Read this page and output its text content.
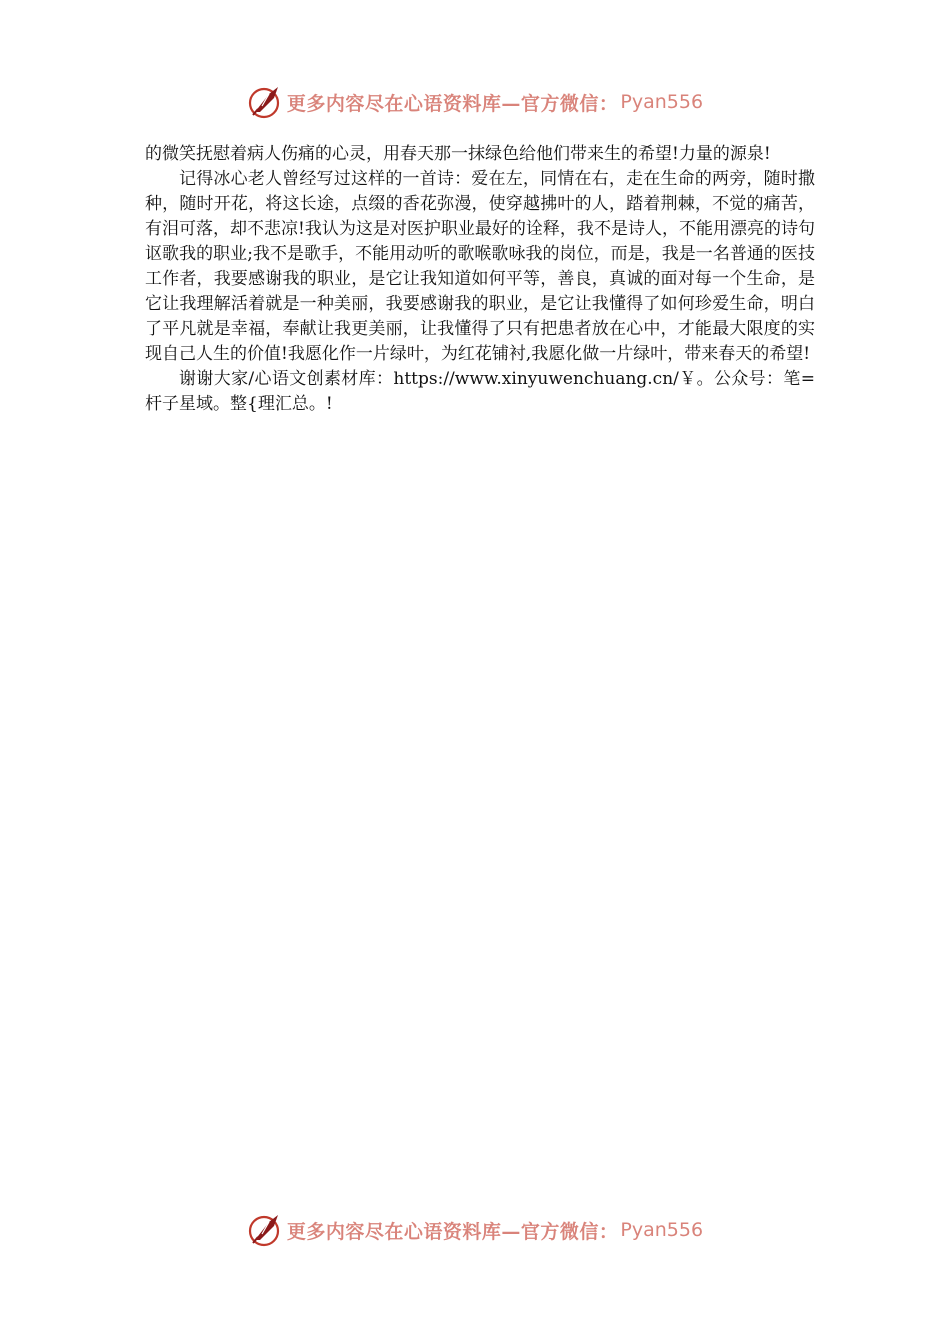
更多内容尽在心语资料库—官方微信： Pyan556

的微笑抚慰着病人伤痛的心灵，用春天那一抹绿色给他们带来生的希望!力量的源泉!

记得冰心老人曾经写过这样的一首诗：爱在左，同情在右，走在生命的两旁，随时撒种，随时开花，将这长途，点缀的香花弥漫，使穿越拂叶的人，踏着荆棘，不觉的痛苦，有泪可落，却不悲凉!我认为这是对医护职业最好的诠释，我不是诗人，不能用漂亮的诗句讴歌我的职业;我不是歌手，不能用动听的歌喉歌咏我的岗位，而是，我是一名普通的医技工作者，我要感谢我的职业，是它让我知道如何平等，善良，真诚的面对每一个生命，是它让我理解活着就是一种美丽，我要感谢我的职业，是它让我懂得了如何珍爱生命，明白了平凡就是幸福，奉献让我更美丽，让我懂得了只有把患者放在心中，才能最大限度的实现自己人生的价值!我愿化作一片绿叶，为红花铺衬,我愿化做一片绿叶，带来春天的希望!

谢谢大家/心语文创素材库：https://www.xinyuwenchuang.cn/￥。公众号：笔=杆子星域。整{理汇总。!

更多内容尽在心语资料库—官方微信： Pyan556
